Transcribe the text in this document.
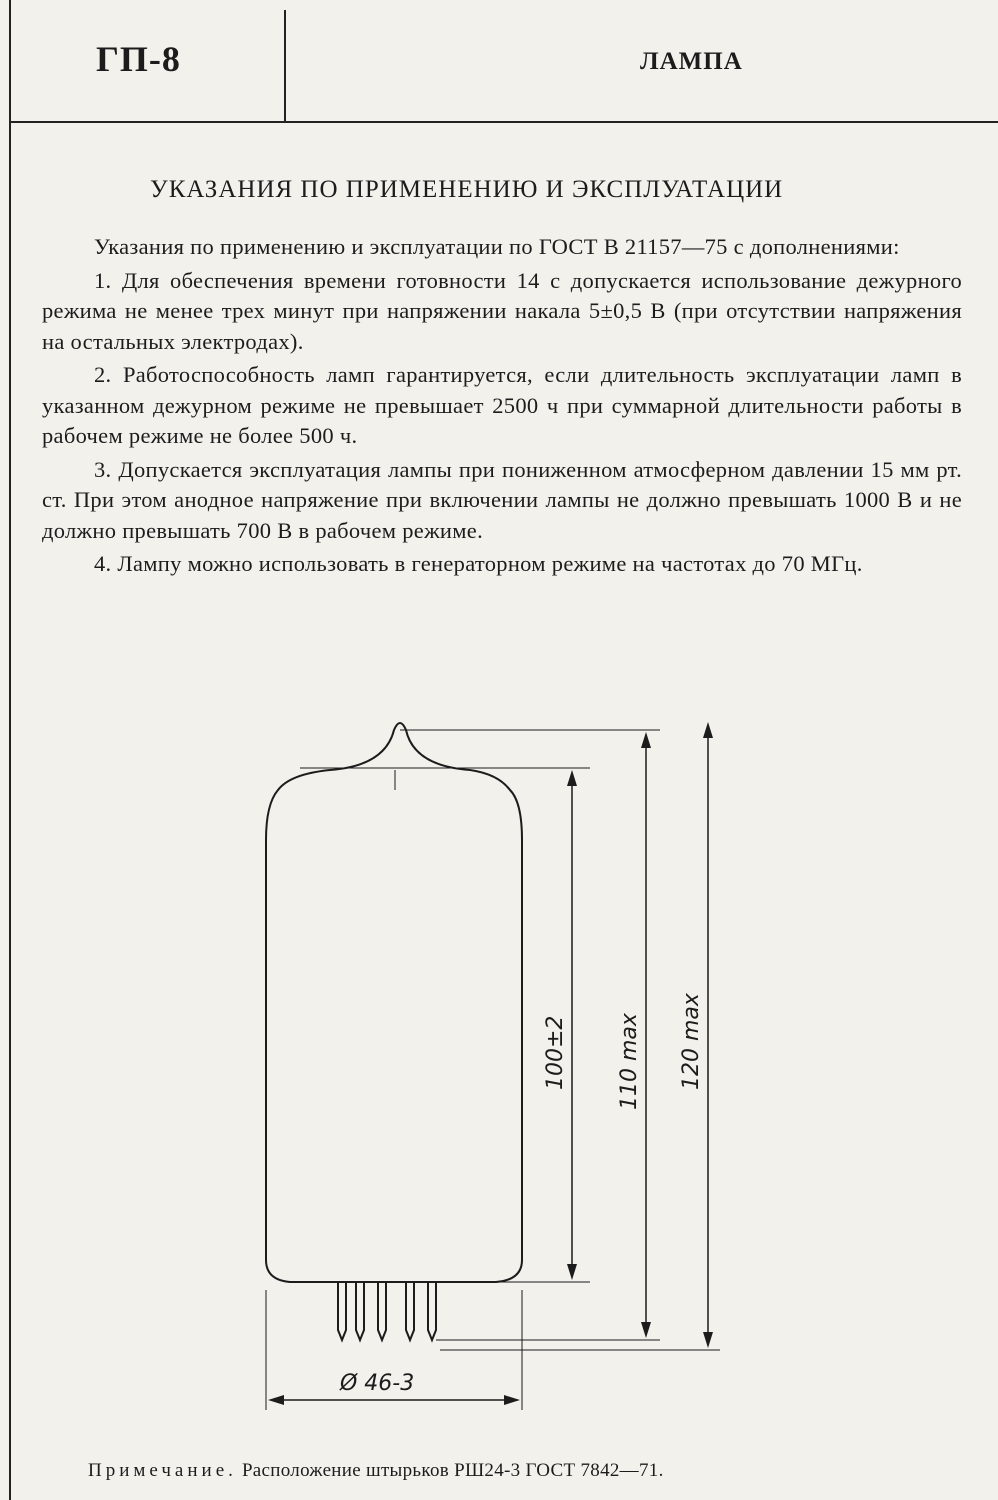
ГП-8	ЛАМПА
УКАЗАНИЯ ПО ПРИМЕНЕНИЮ И ЭКСПЛУАТАЦИИ

Указания по применению и эксплуатации по ГОСТ В 21157—75 с дополнениями:

1. Для обеспечения времени готовности 14 с допускается использование дежурного режима не менее трех минут при напряжении накала 5±0,5 В (при отсутствии напряжения на остальных электродах).

2. Работоспособность ламп гарантируется, если длительность эксплуатации ламп в указанном дежурном режиме не превышает 2500 ч при суммарной длительности работы в рабочем режиме не более 500 ч.

3. Допускается эксплуатация лампы при пониженном атмосферном давлении 15 мм рт. ст. При этом анодное напряжение при включении лампы не должно превышать 1000 В и не должно превышать 700 В в рабочем режиме.

4. Лампу можно использовать в генераторном режиме на частотах до 70 МГц.

100±2 110 max 120 max
Ø 46-3
Примечание. Расположение штырьков РШ24-3 ГОСТ 7842—71.
